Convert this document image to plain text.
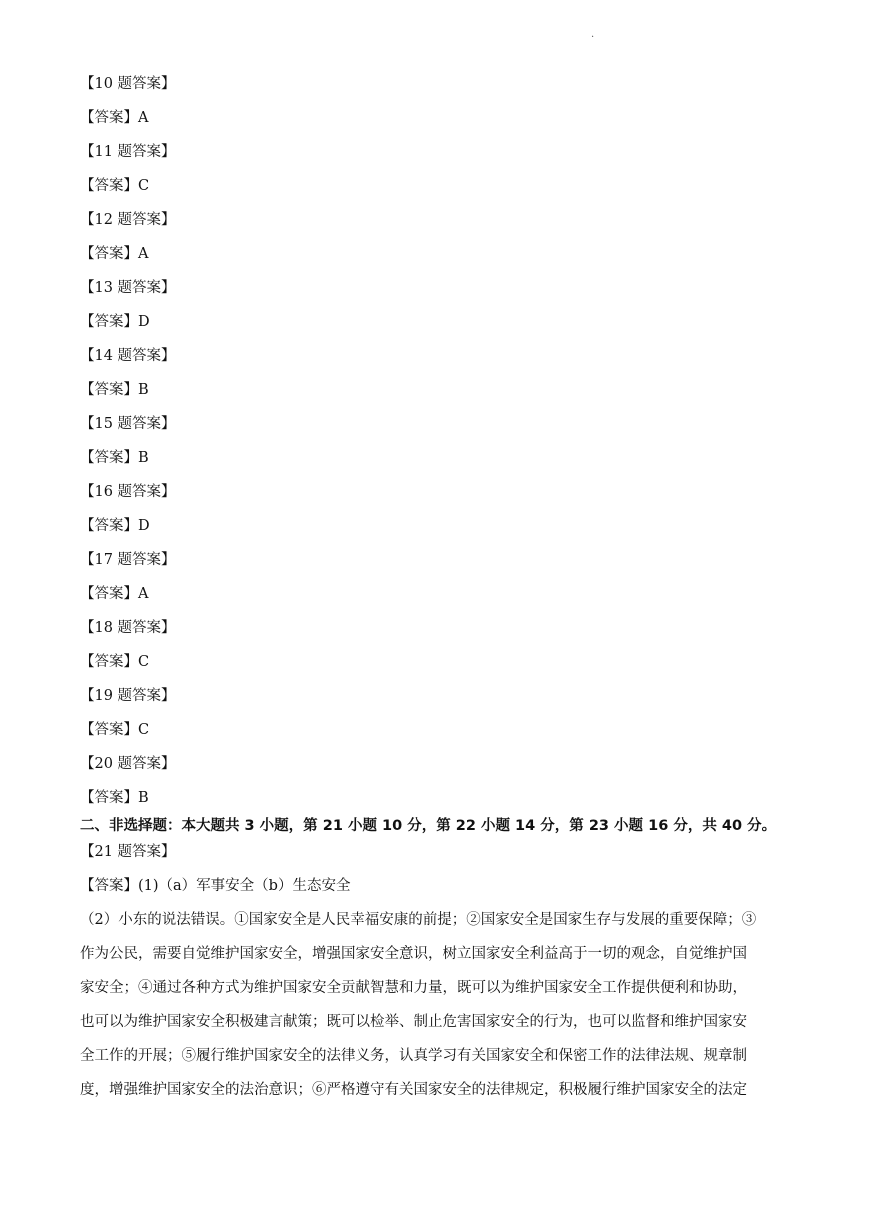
.
【10 题答案】
【答案】A
【11 题答案】
【答案】C
【12 题答案】
【答案】A
【13 题答案】
【答案】D
【14 题答案】
【答案】B
【15 题答案】
【答案】B
【16 题答案】
【答案】D
【17 题答案】
【答案】A
【18 题答案】
【答案】C
【19 题答案】
【答案】C
【20 题答案】
【答案】B
二、非选择题：本大题共 3 小题，第 21 小题 10 分，第 22 小题 14 分，第 23 小题 16 分，共 40 分。
【21 题答案】
【答案】(1)（a）军事安全（b）生态安全
（2）小东的说法错误。①国家安全是人民幸福安康的前提；②国家安全是国家生存与发展的重要保障；③
作为公民，需要自觉维护国家安全，增强国家安全意识，树立国家安全利益高于一切的观念，自觉维护国
家安全；④通过各种方式为维护国家安全贡献智慧和力量，既可以为维护国家安全工作提供便利和协助，
也可以为维护国家安全积极建言献策；既可以检举、制止危害国家安全的行为，也可以监督和维护国家安
全工作的开展；⑤履行维护国家安全的法律义务，认真学习有关国家安全和保密工作的法律法规、规章制
度，增强维护国家安全的法治意识；⑥严格遵守有关国家安全的法律规定，积极履行维护国家安全的法定
